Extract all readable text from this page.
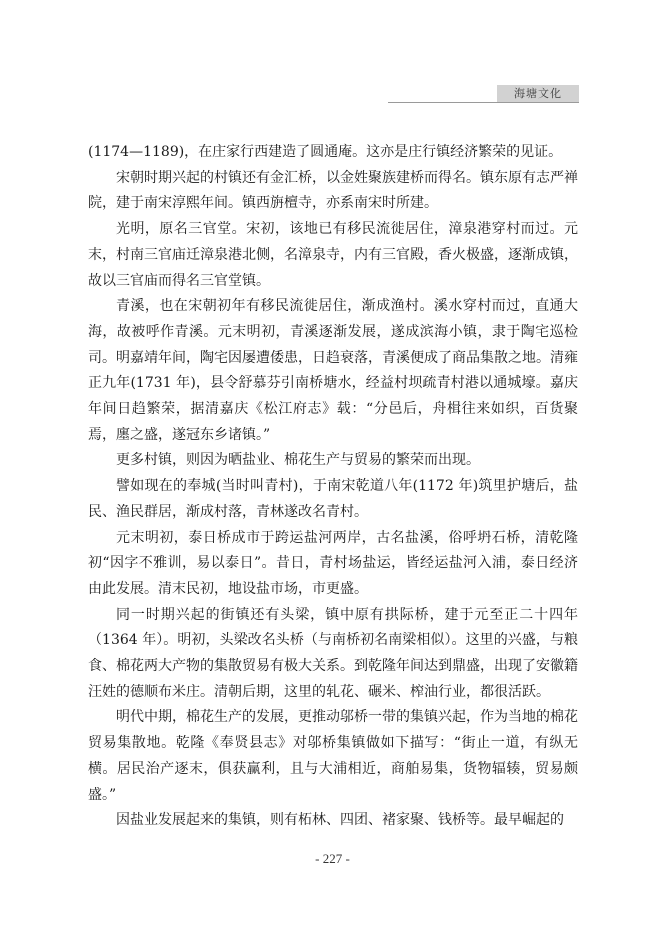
海塘文化

(1174—1189)，在庄家行西建造了圆通庵。这亦是庄行镇经济繁荣的见证。

宋朝时期兴起的村镇还有金汇桥，以金姓聚族建桥而得名。镇东原有志严禅院，建于南宋淳熙年间。镇西旃檀寺，亦系南宋时所建。

光明，原名三官堂。宋初，该地已有移民流徙居住，漳泉港穿村而过。元末，村南三官庙迁漳泉港北侧，名漳泉寺，内有三官殿，香火极盛，逐渐成镇，故以三官庙而得名三官堂镇。

青溪，也在宋朝初年有移民流徙居住，渐成渔村。溪水穿村而过，直通大海，故被呼作青溪。元末明初，青溪逐渐发展，遂成滨海小镇，隶于陶宅巡检司。明嘉靖年间，陶宅因屡遭倭患，日趋衰落，青溪便成了商品集散之地。清雍正九年(1731 年)，县令舒慕芬引南桥塘水，经益村坝疏青村港以通城壕。嘉庆年间日趋繁荣，据清嘉庆《松江府志》载：“分邑后，舟楫往来如织，百货聚焉，廛之盛，遂冠东乡诸镇。”

更多村镇，则因为晒盐业、棉花生产与贸易的繁荣而出现。

譬如现在的奉城(当时叫青村)，于南宋乾道八年(1172 年)筑里护塘后，盐民、渔民群居，渐成村落，青林遂改名青村。

元末明初，泰日桥成市于跨运盐河两岸，古名盐溪，俗呼坍石桥，清乾隆初“因字不雅训，易以泰日”。昔日，青村场盐运，皆经运盐河入浦，泰日经济由此发展。清末民初，地设盐市场，市更盛。

同一时期兴起的街镇还有头梁，镇中原有拱际桥，建于元至正二十四年（1364 年）。明初，头梁改名头桥（与南桥初名南梁相似）。这里的兴盛，与粮食、棉花两大产物的集散贸易有极大关系。到乾隆年间达到鼎盛，出现了安徽籍汪姓的德顺布米庄。清朝后期，这里的轧花、碾米、榨油行业，都很活跃。

明代中期，棉花生产的发展，更推动邬桥一带的集镇兴起，作为当地的棉花贸易集散地。乾隆《奉贤县志》对邬桥集镇做如下描写：“街止一道，有纵无横。居民治产逐末，俱获赢利，且与大浦相近，商舶易集，货物辐辏，贸易颇盛。”

因盐业发展起来的集镇，则有柘林、四团、褚家聚、钱桥等。最早崛起的

- 227 -
